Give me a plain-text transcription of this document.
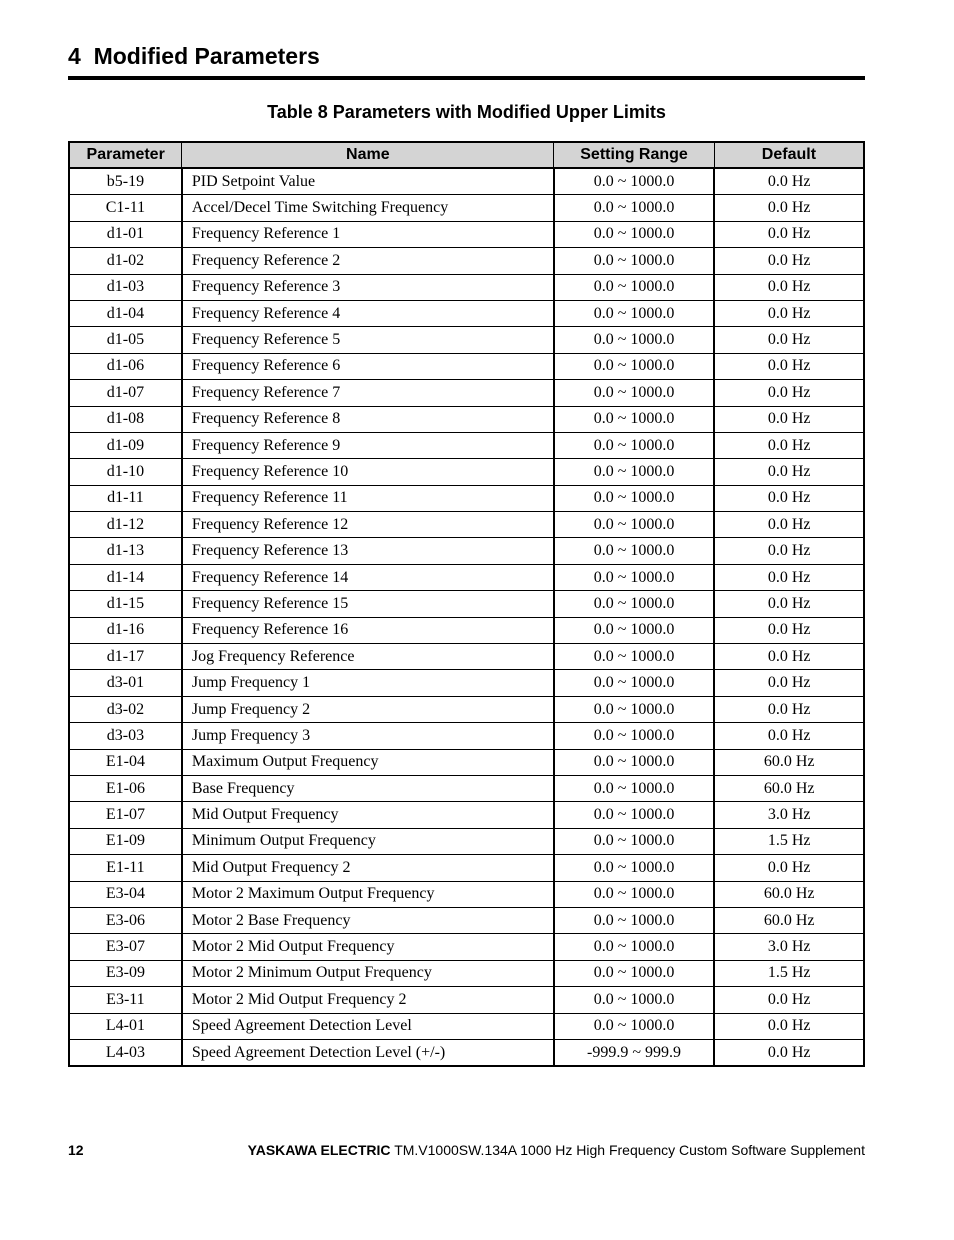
4 Modified Parameters
Table 8 Parameters with Modified Upper Limits
Parameter	Name	Setting Range	Default
b5-19	PID Setpoint Value	0.0 ~ 1000.0	0.0 Hz
C1-11	Accel/Decel Time Switching Frequency	0.0 ~ 1000.0	0.0 Hz
d1-01	Frequency Reference 1	0.0 ~ 1000.0	0.0 Hz
d1-02	Frequency Reference 2	0.0 ~ 1000.0	0.0 Hz
d1-03	Frequency Reference 3	0.0 ~ 1000.0	0.0 Hz
d1-04	Frequency Reference 4	0.0 ~ 1000.0	0.0 Hz
d1-05	Frequency Reference 5	0.0 ~ 1000.0	0.0 Hz
d1-06	Frequency Reference 6	0.0 ~ 1000.0	0.0 Hz
d1-07	Frequency Reference 7	0.0 ~ 1000.0	0.0 Hz
d1-08	Frequency Reference 8	0.0 ~ 1000.0	0.0 Hz
d1-09	Frequency Reference 9	0.0 ~ 1000.0	0.0 Hz
d1-10	Frequency Reference 10	0.0 ~ 1000.0	0.0 Hz
d1-11	Frequency Reference 11	0.0 ~ 1000.0	0.0 Hz
d1-12	Frequency Reference 12	0.0 ~ 1000.0	0.0 Hz
d1-13	Frequency Reference 13	0.0 ~ 1000.0	0.0 Hz
d1-14	Frequency Reference 14	0.0 ~ 1000.0	0.0 Hz
d1-15	Frequency Reference 15	0.0 ~ 1000.0	0.0 Hz
d1-16	Frequency Reference 16	0.0 ~ 1000.0	0.0 Hz
d1-17	Jog Frequency Reference	0.0 ~ 1000.0	0.0 Hz
d3-01	Jump Frequency 1	0.0 ~ 1000.0	0.0 Hz
d3-02	Jump Frequency 2	0.0 ~ 1000.0	0.0 Hz
d3-03	Jump Frequency 3	0.0 ~ 1000.0	0.0 Hz
E1-04	Maximum Output Frequency	0.0 ~ 1000.0	60.0 Hz
E1-06	Base Frequency	0.0 ~ 1000.0	60.0 Hz
E1-07	Mid Output Frequency	0.0 ~ 1000.0	3.0 Hz
E1-09	Minimum Output Frequency	0.0 ~ 1000.0	1.5 Hz
E1-11	Mid Output Frequency 2	0.0 ~ 1000.0	0.0 Hz
E3-04	Motor 2 Maximum Output Frequency	0.0 ~ 1000.0	60.0 Hz
E3-06	Motor 2 Base Frequency	0.0 ~ 1000.0	60.0 Hz
E3-07	Motor 2 Mid Output Frequency	0.0 ~ 1000.0	3.0 Hz
E3-09	Motor 2 Minimum Output Frequency	0.0 ~ 1000.0	1.5 Hz
E3-11	Motor 2 Mid Output Frequency 2	0.0 ~ 1000.0	0.0 Hz
L4-01	Speed Agreement Detection Level	0.0 ~ 1000.0	0.0 Hz
L4-03	Speed Agreement Detection Level (+/-)	-999.9 ~ 999.9	0.0 Hz
12	YASKAWA ELECTRIC TM.V1000SW.134A 1000 Hz High Frequency Custom Software Supplement
